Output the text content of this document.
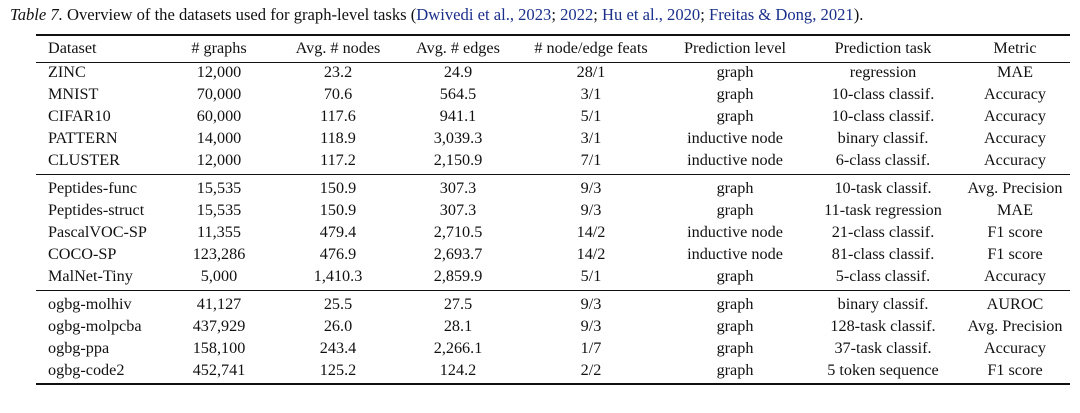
Table 7. Overview of the datasets used for graph-level tasks (Dwivedi et al., 2023; 2022; Hu et al., 2020; Freitas & Dong, 2021).
Dataset	# graphs	Avg. # nodes	Avg. # edges	# node/edge feats	Prediction level	Prediction task	Metric
ZINC	12,000	23.2	24.9	28/1	graph	regression	MAE
MNIST	70,000	70.6	564.5	3/1	graph	10-class classif.	Accuracy
CIFAR10	60,000	117.6	941.1	5/1	graph	10-class classif.	Accuracy
PATTERN	14,000	118.9	3,039.3	3/1	inductive node	binary classif.	Accuracy
CLUSTER	12,000	117.2	2,150.9	7/1	inductive node	6-class classif.	Accuracy

Peptides-func	15,535	150.9	307.3	9/3	graph	10-task classif.	Avg. Precision
Peptides-struct	15,535	150.9	307.3	9/3	graph	11-task regression	MAE
PascalVOC-SP	11,355	479.4	2,710.5	14/2	inductive node	21-class classif.	F1 score
COCO-SP	123,286	476.9	2,693.7	14/2	inductive node	81-class classif.	F1 score
MalNet-Tiny	5,000	1,410.3	2,859.9	5/1	graph	5-class classif.	Accuracy

ogbg-molhiv	41,127	25.5	27.5	9/3	graph	binary classif.	AUROC
ogbg-molpcba	437,929	26.0	28.1	9/3	graph	128-task classif.	Avg. Precision
ogbg-ppa	158,100	243.4	2,266.1	1/7	graph	37-task classif.	Accuracy
ogbg-code2	452,741	125.2	124.2	2/2	graph	5 token sequence	F1 score
